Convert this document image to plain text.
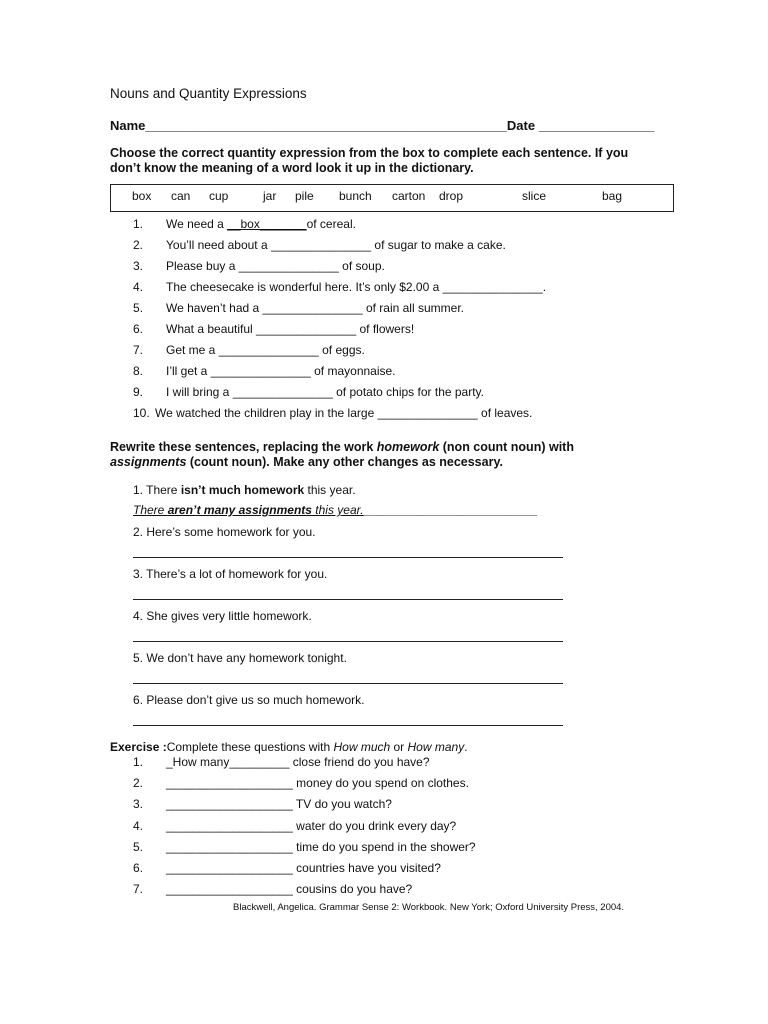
Nouns and Quantity Expressions
Name__________________________________________________Date ________________
Choose the correct quantity expression from the box to complete each sentence. If you don’t know the meaning of a word look it up in the dictionary.
box can cup	jar pile bunch carton drop	slice	bag
1. We need a __box_______of cereal.
2. You’ll need about a _______________ of sugar to make a cake.
3. Please buy a _______________ of soup.
4. The cheesecake is wonderful here. It’s only $2.00 a _______________.
5. We haven’t had a _______________ of rain all summer.
6. What a beautiful _______________ of flowers!
7. Get me a _______________ of eggs.
8. I’ll get a _______________ of mayonnaise.
9. I will bring a _______________ of potato chips for the party.
10. We watched the children play in the large _______________ of leaves.
Rewrite these sentences, replacing the work homework (non count noun) with assignments (count noun). Make any other changes as necessary.
1. There isn’t much homework this year.
There aren’t many assignments this year.__________________________
2. Here’s some homework for you.
3. There’s a lot of homework for you.
4. She gives very little homework.
5. We don’t have any homework tonight.
6. Please don’t give us so much homework.
Exercise :Complete these questions with How much or How many.
1. _How many_________ close friend do you have?
2. ___________________ money do you spend on clothes.
3. ___________________ TV do you watch?
4. ___________________ water do you drink every day?
5. ___________________ time do you spend in the shower?
6. ___________________ countries have you visited?
7. ___________________ cousins do you have?
Blackwell, Angelica. Grammar Sense 2: Workbook. New York; Oxford University Press, 2004.
